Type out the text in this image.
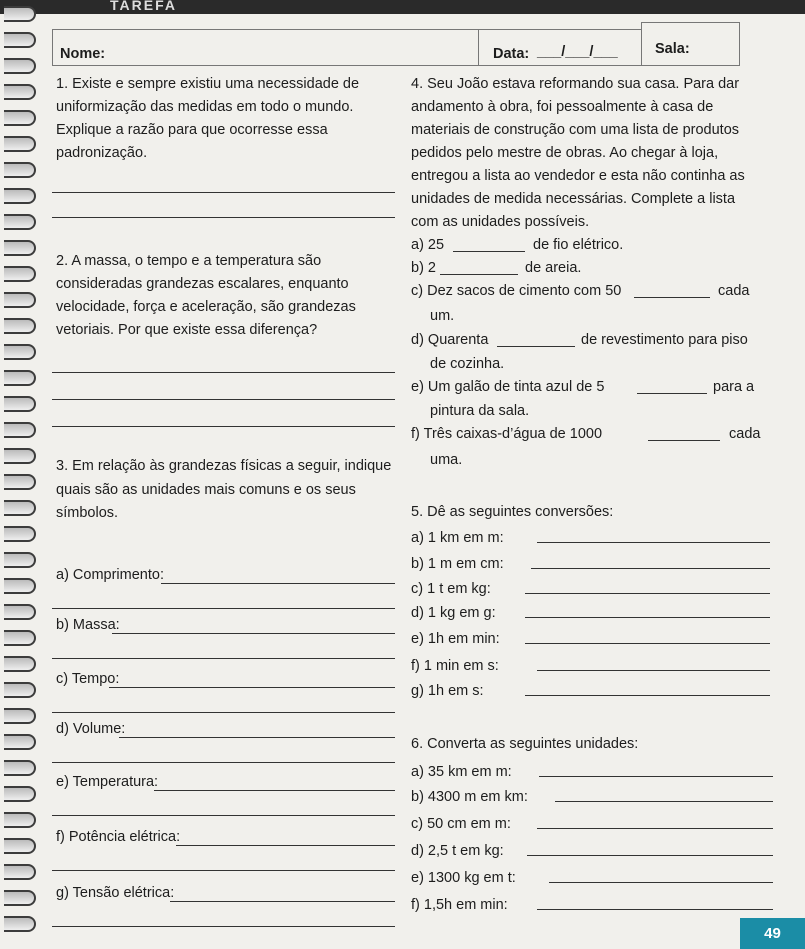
TAREFA
Nome:	Data: ___/___/___	Sala:
1. Existe e sempre existiu uma necessidade de
uniformização das medidas em todo o mundo.
Explique a razão para que ocorresse essa
padronização.
2. A massa, o tempo e a temperatura são
consideradas grandezas escalares, enquanto
velocidade, força e aceleração, são grandezas
vetoriais. Por que existe essa diferença?
3. Em relação às grandezas físicas a seguir, indique
quais são as unidades mais comuns e os seus
símbolos.
a) Comprimento:
b) Massa:
c) Tempo:
d) Volume:
e) Temperatura:
f) Potência elétrica:
g) Tensão elétrica:
4. Seu João estava reformando sua casa. Para dar
andamento à obra, foi pessoalmente à casa de
materiais de construção com uma lista de produtos
pedidos pelo mestre de obras. Ao chegar à loja,
entregou a lista ao vendedor e esta não continha as
unidades de medida necessárias. Complete a lista
com as unidades possíveis.
a) 25	de fio elétrico.
b) 2	de areia.
c) Dez sacos de cimento com 50	cada
um.
d) Quarenta	de revestimento para piso
de cozinha.
e) Um galão de tinta azul de 5	para a
pintura da sala.
f) Três caixas-d’água de 1000	cada
uma.
5. Dê as seguintes conversões:
a) 1 km em m:
b) 1 m em cm:
c) 1 t em kg:
d) 1 kg em g:
e) 1h em min:
f) 1 min em s:
g) 1h em s:
6. Converta as seguintes unidades:
a) 35 km em m:
b) 4300 m em km:
c) 50 cm em m:
d) 2,5 t em kg:
e) 1300 kg em t:
f) 1,5h em min:
49
